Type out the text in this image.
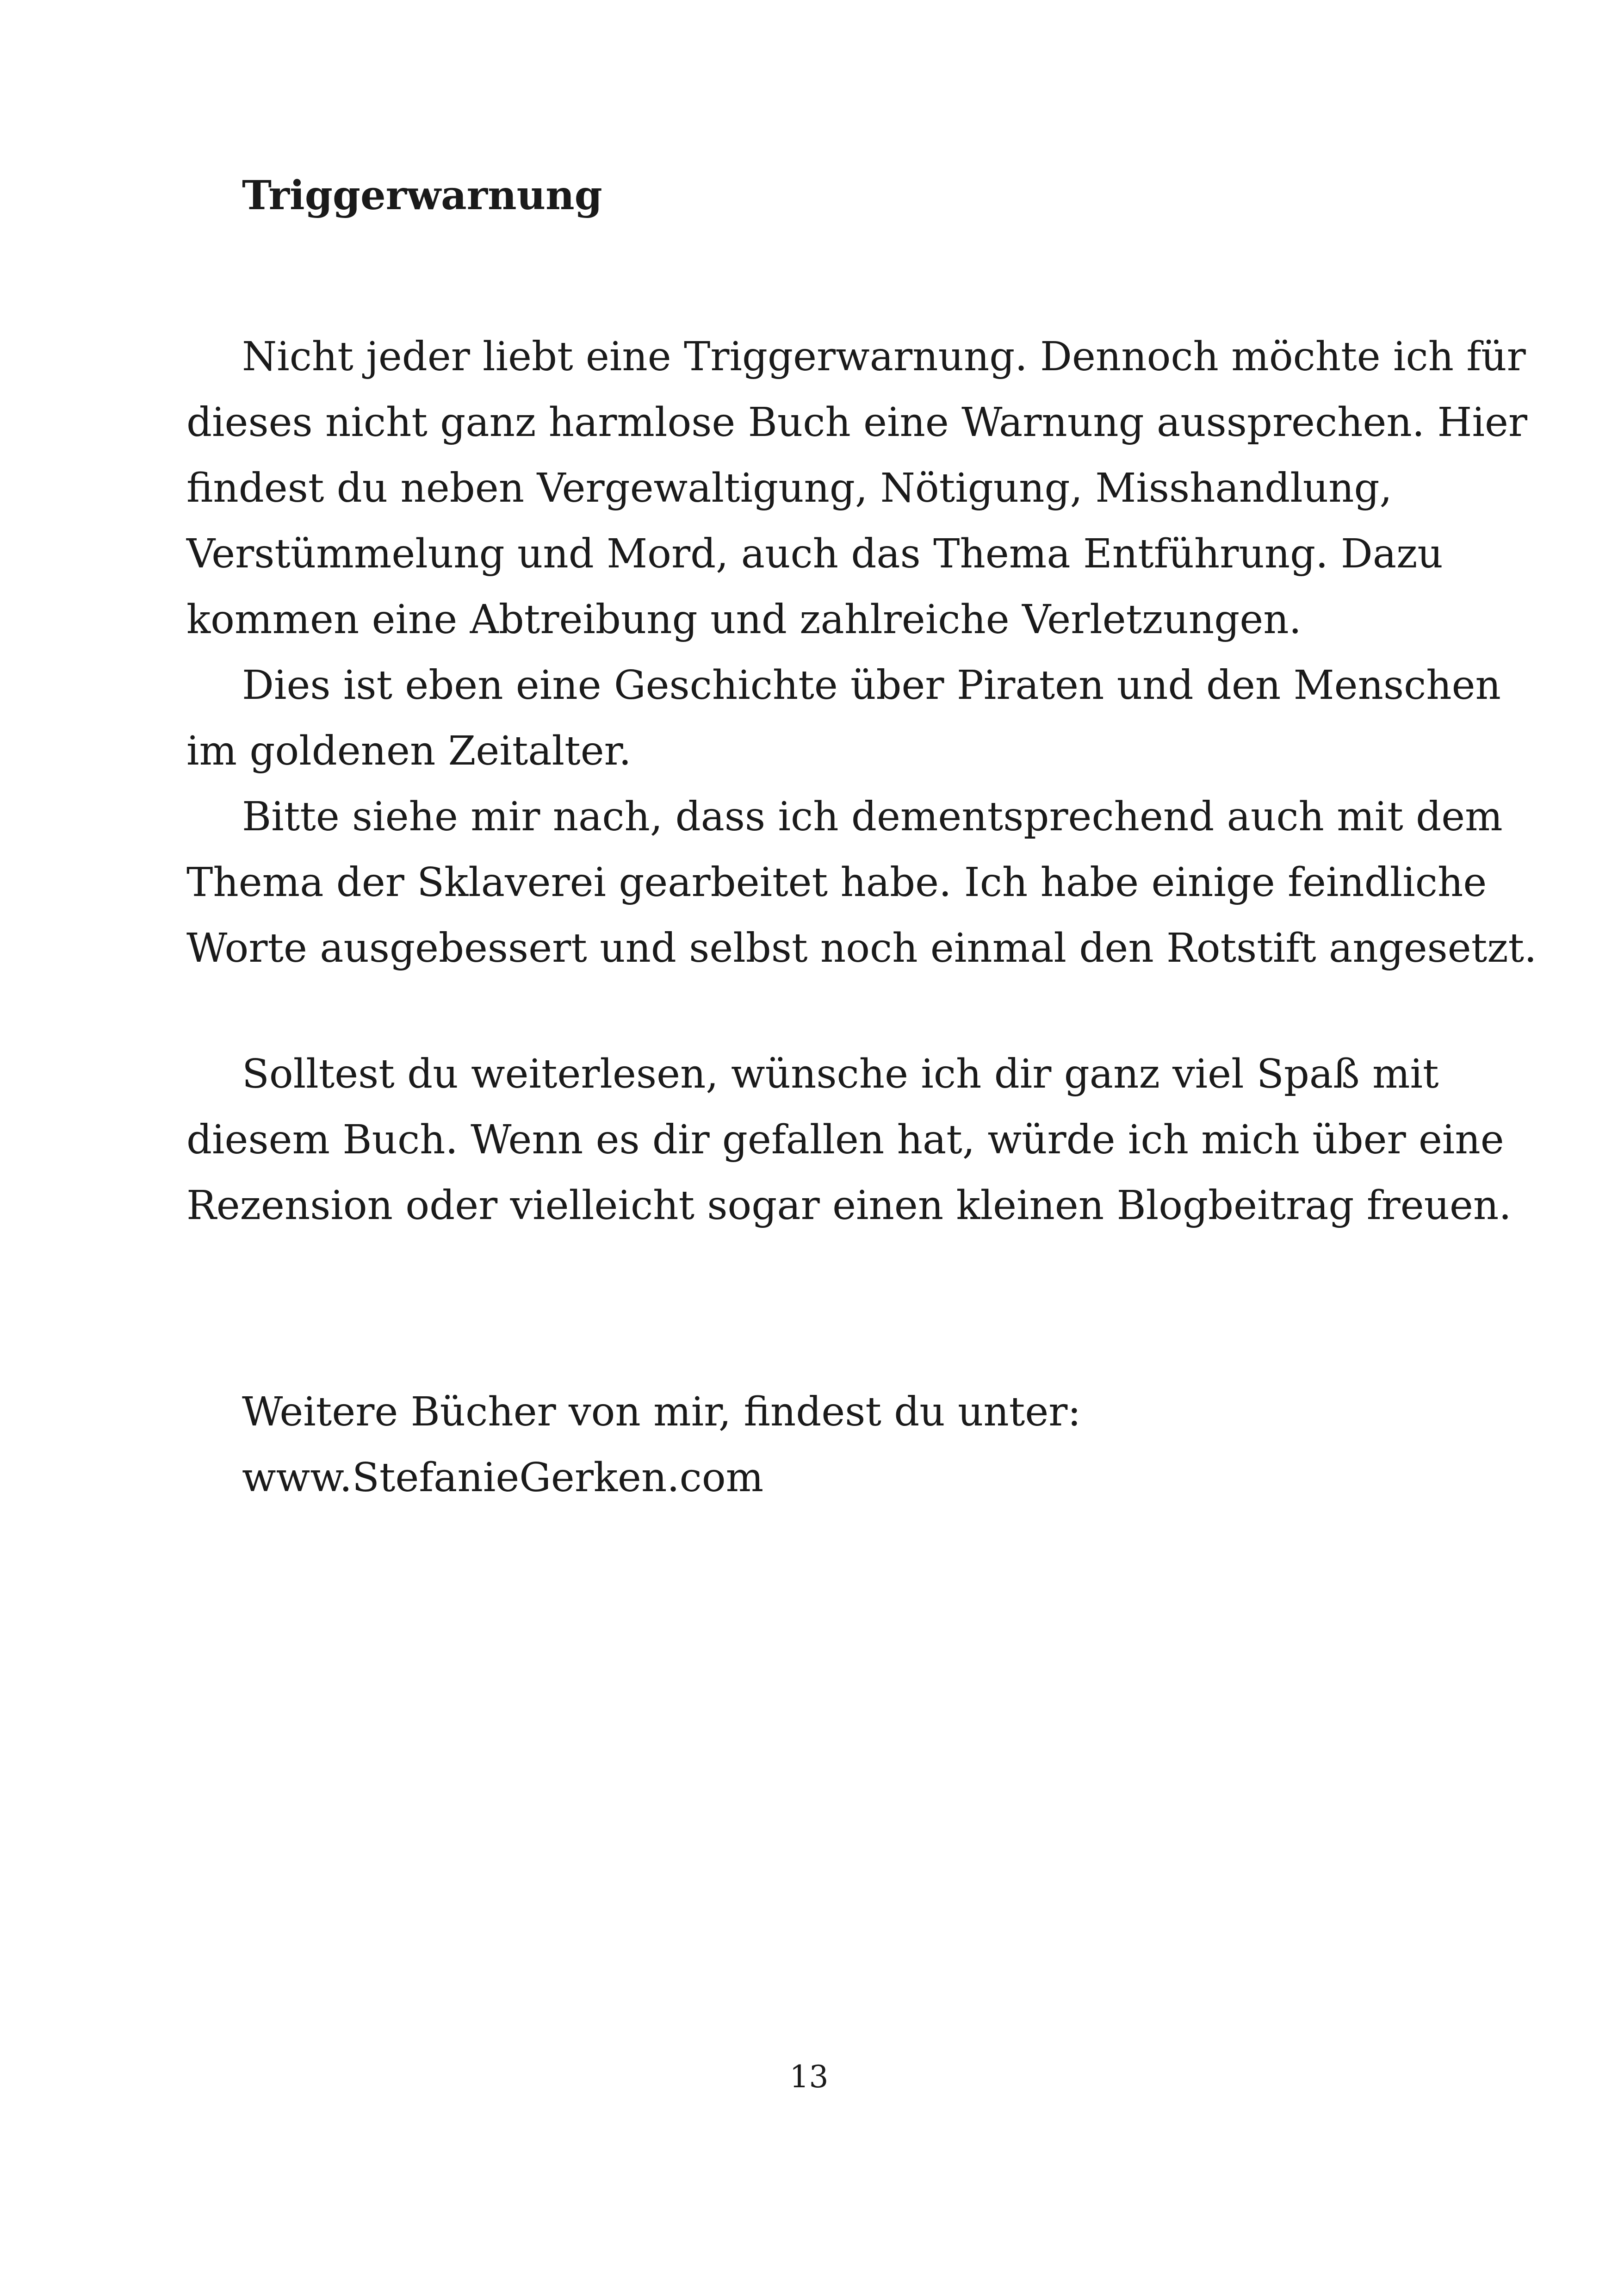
Triggerwarnung
Nicht jeder liebt eine Triggerwarnung. Dennoch möchte ich für
dieses nicht ganz harmlose Buch eine Warnung aussprechen. Hier
findest du neben Vergewaltigung, Nötigung, Misshandlung,
Verstümmelung und Mord, auch das Thema Entführung. Dazu
kommen eine Abtreibung und zahlreiche Verletzungen.
Dies ist eben eine Geschichte über Piraten und den Menschen
im goldenen Zeitalter.
Bitte siehe mir nach, dass ich dementsprechend auch mit dem
Thema der Sklaverei gearbeitet habe. Ich habe einige feindliche
Worte ausgebessert und selbst noch einmal den Rotstift angesetzt.
Solltest du weiterlesen, wünsche ich dir ganz viel Spaß mit
diesem Buch. Wenn es dir gefallen hat, würde ich mich über eine
Rezension oder vielleicht sogar einen kleinen Blogbeitrag freuen.
Weitere Bücher von mir, findest du unter:
www.StefanieGerken.com
13
